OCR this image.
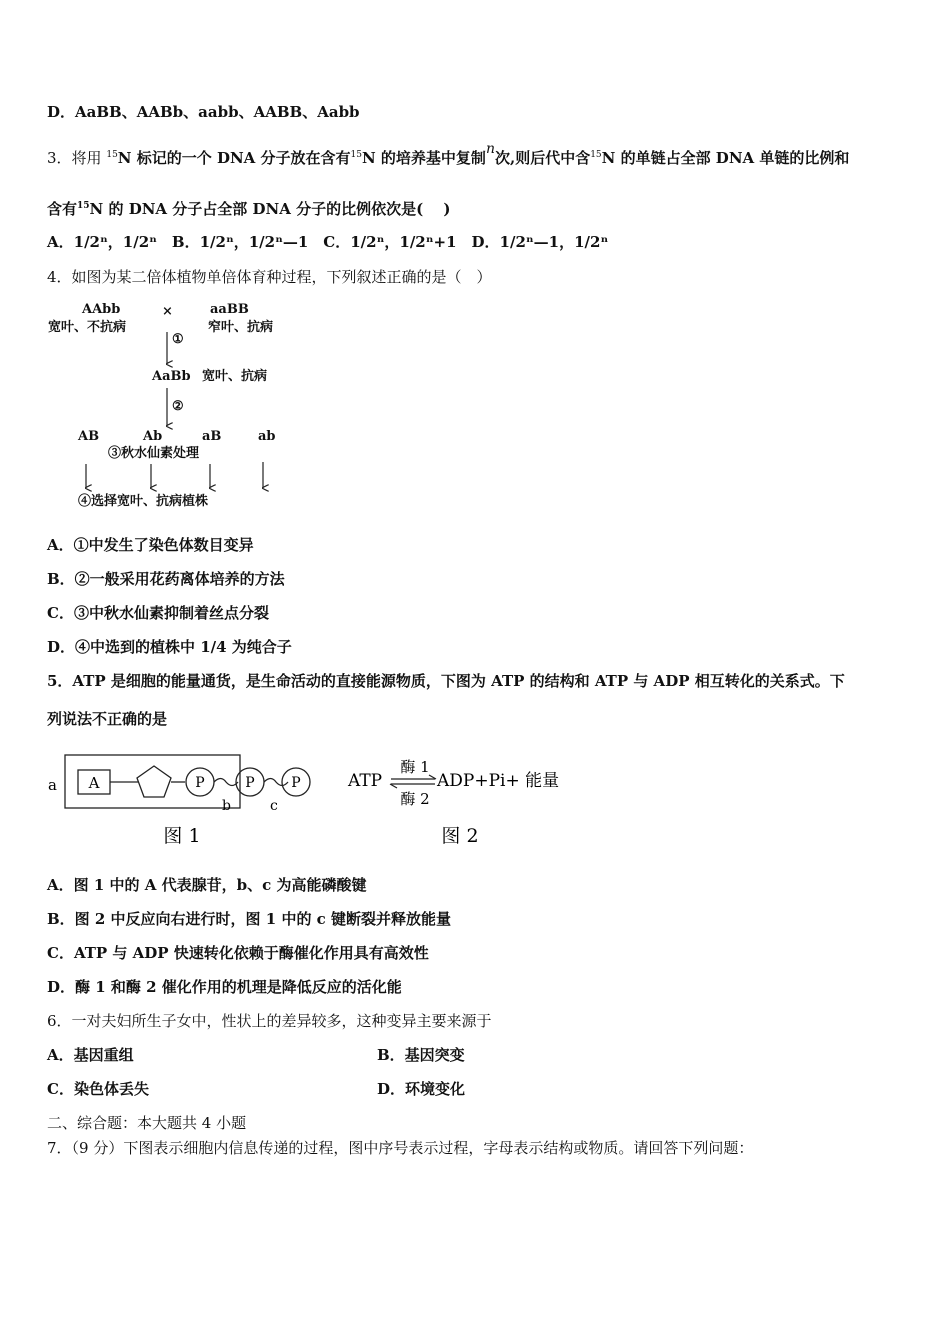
D．AaBB、AABb、aabb、AABB、Aabb
3．将用 $^{15}$N 标记的一个 DNA 分子放在含有$^{15}$N 的培养基中复制n次,则后代中含$^{15}$N 的单链占全部 DNA 单链的比例和
含有$^{15}$N 的 DNA 分子占全部 DNA 分子的比例依次是(　 )
A．1/2ⁿ，1/2ⁿ　B．1/2ⁿ，1/2ⁿ—1　C．1/2ⁿ，1/2ⁿ+1　D．1/2ⁿ—1，1/2ⁿ
4．如图为某二倍体植物单倍体育种过程，下列叙述正确的是（　）
AAbb
宽叶、不抗病
×	aaBB
窄叶、抗病
①
AaBb 宽叶、抗病
②
AB	Ab	aB	ab
③秋水仙素处理
④选择宽叶、抗病植株
A．①中发生了染色体数目变异
B．②一般采用花药离体培养的方法
C．③中秋水仙素抑制着丝点分裂
D．④中选到的植株中 1/4 为纯合子
5．ATP 是细胞的能量通货，是生命活动的直接能源物质，下图为 ATP 的结构和 ATP 与 ADP 相互转化的关系式。下
列说法不正确的是
a A	P	P	P
b	c
图 1
ATP
酶 1
酶 2
ADP+Pi+ 能量
图 2
A．图 1 中的 A 代表腺苷，b、c 为高能磷酸键
B．图 2 中反应向右进行时，图 1 中的 c 键断裂并释放能量
C．ATP 与 ADP 快速转化依赖于酶催化作用具有高效性
D．酶 1 和酶 2 催化作用的机理是降低反应的活化能
6．一对夫妇所生子女中，性状上的差异较多，这种变异主要来源于
A．基因重组	B．基因突变
C．染色体丢失	D．环境变化
二、综合题：本大题共 4 小题
7．（9 分）下图表示细胞内信息传递的过程，图中序号表示过程，字母表示结构或物质。请回答下列问题：
